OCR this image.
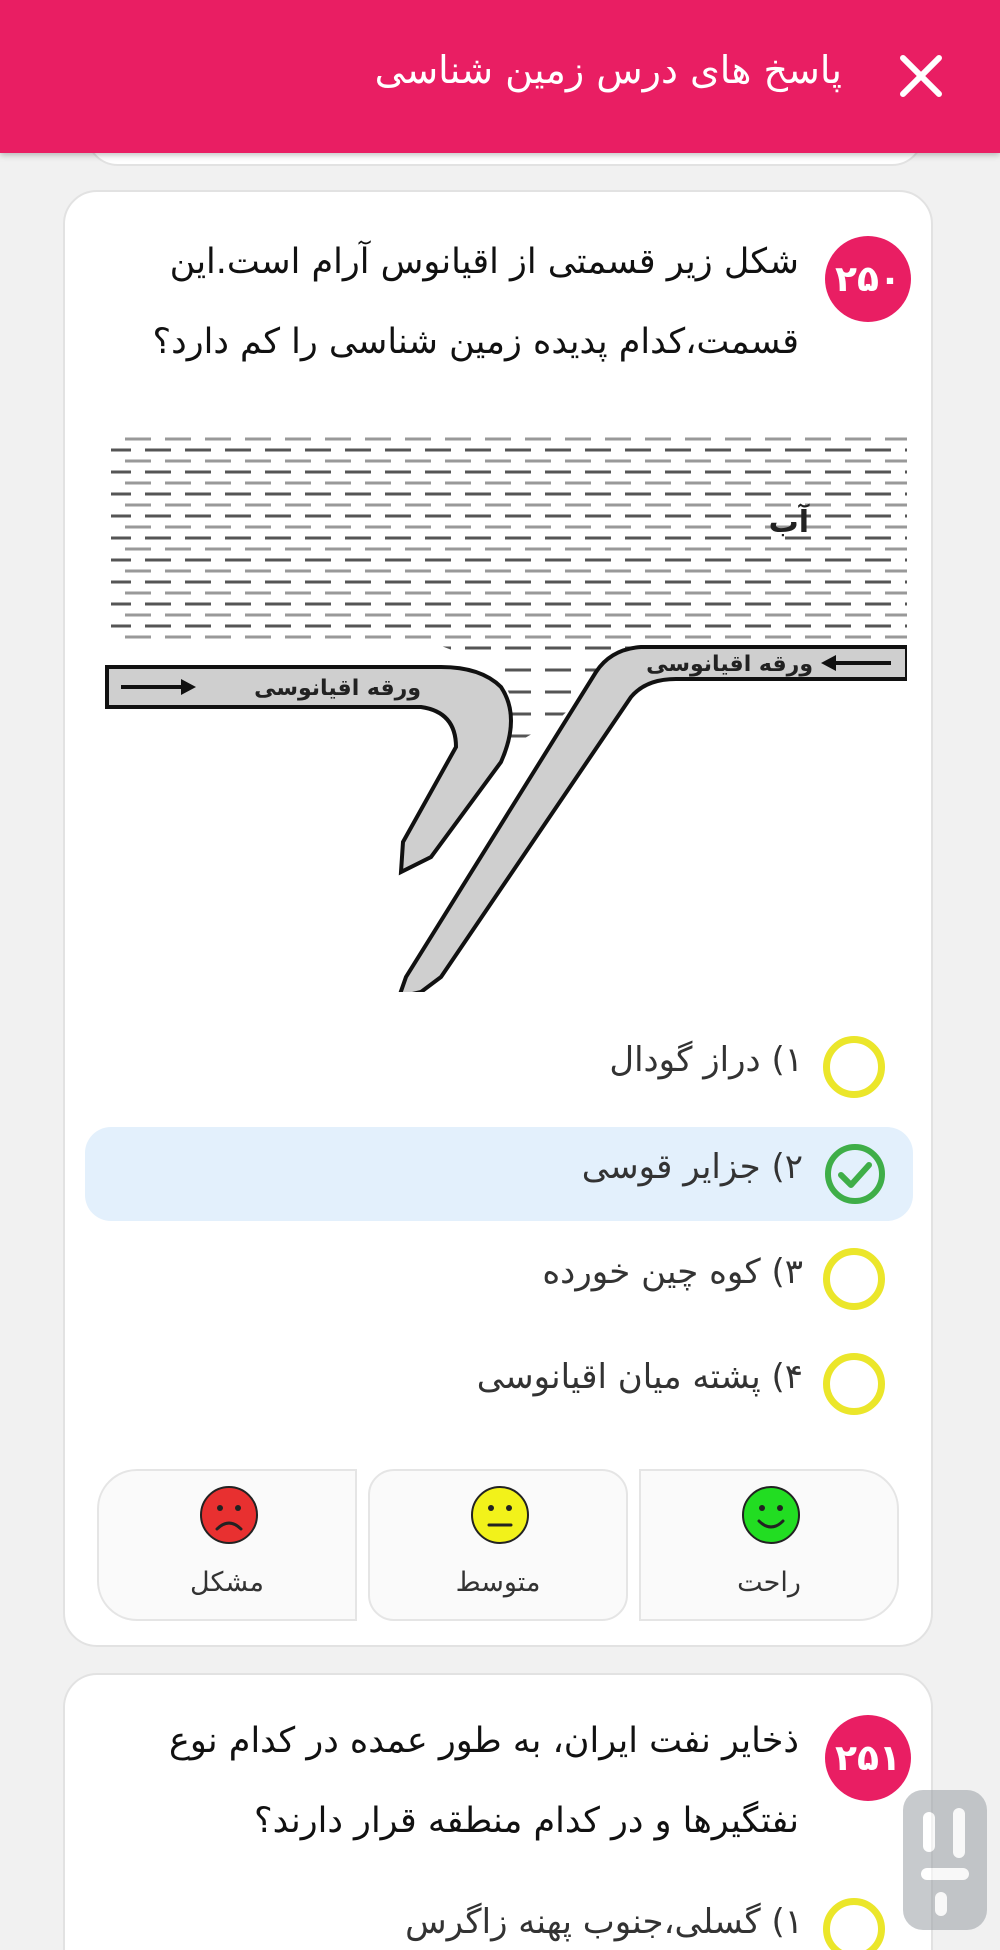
پاسخ های درس زمین شناسی
۲۵۰
شکل زیر قسمتی از اقیانوس آرام است.این قسمت،کدام پدیده زمین شناسی را کم دارد؟
آب
ورقه اقیانوسی
ورقه اقیانوسی
۱) دراز گودال
۲) جزایر قوسی
۳) کوه چین خورده
۴) پشته میان اقیانوسی
مشکل	متوسط	راحت
۲۵۱
ذخایر نفت ایران، به طور عمده در کدام نوع نفتگیرها و در کدام منطقه قرار دارند؟
۱) گسلی،جنوب پهنه زاگرس
